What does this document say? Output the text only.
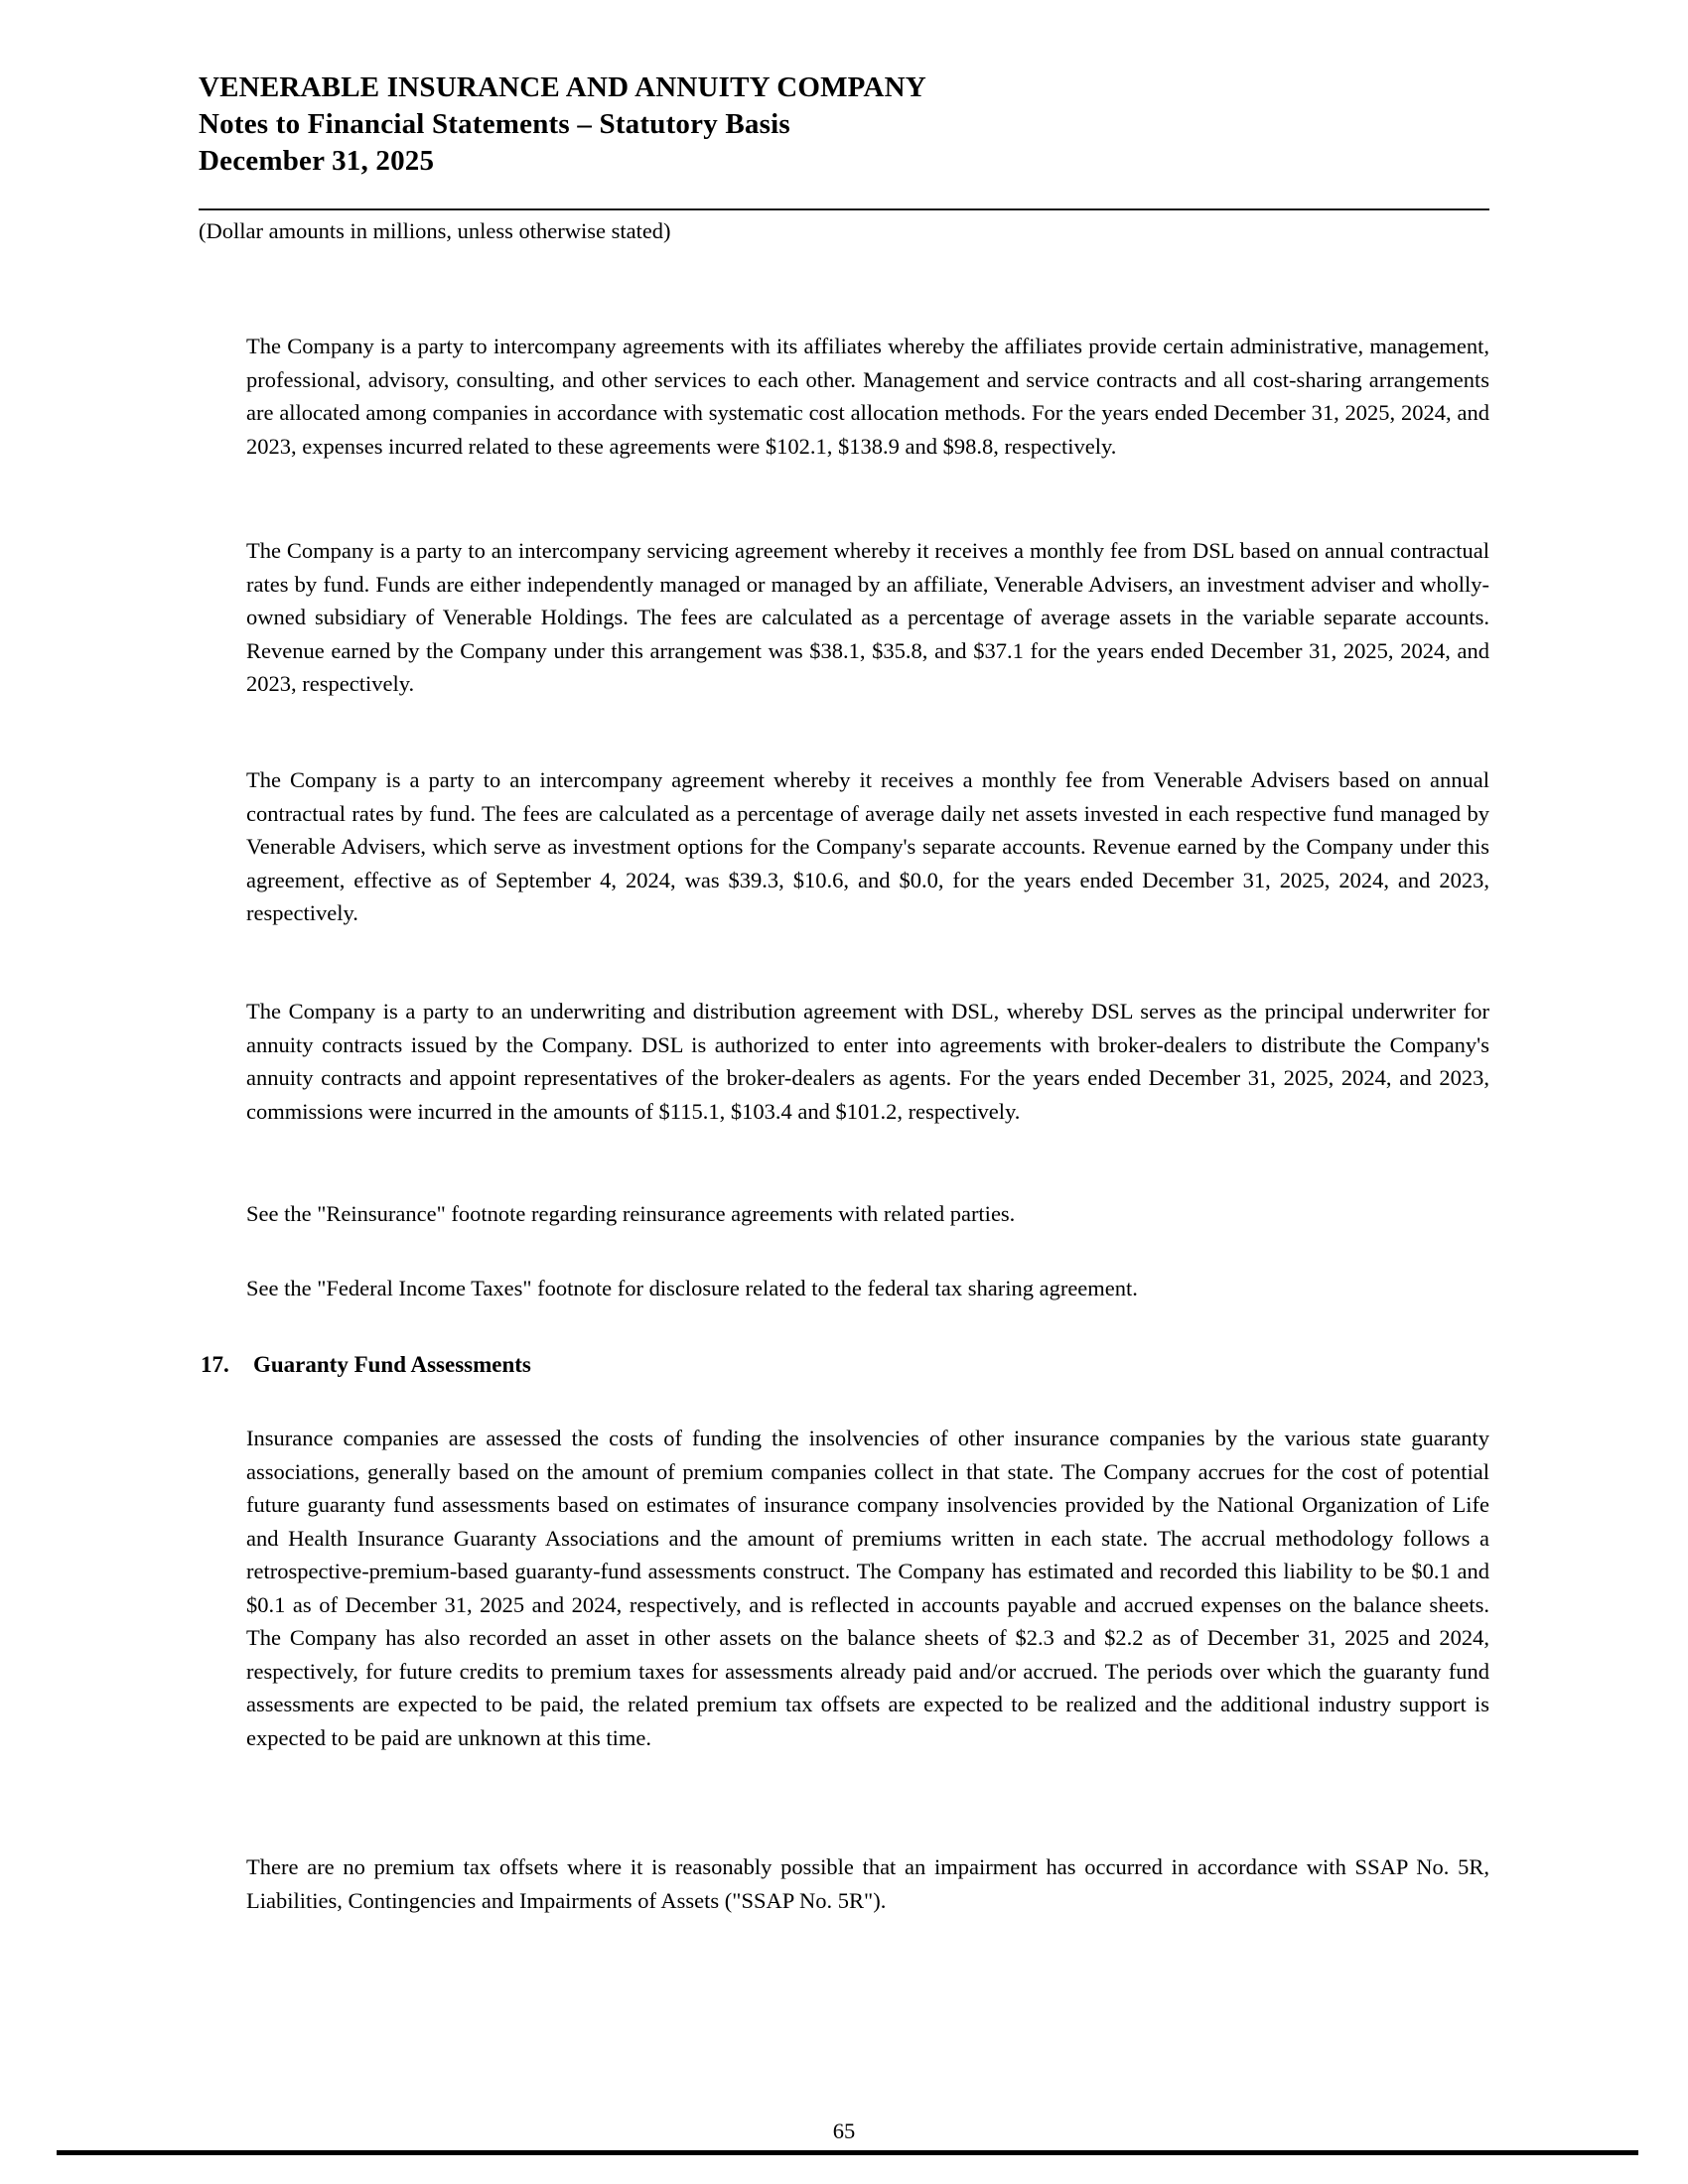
VENERABLE INSURANCE AND ANNUITY COMPANY
Notes to Financial Statements – Statutory Basis
December 31, 2025
(Dollar amounts in millions, unless otherwise stated)

The Company is a party to intercompany agreements with its affiliates whereby the affiliates provide certain administrative, management, professional, advisory, consulting, and other services to each other. Management and service contracts and all cost-sharing arrangements are allocated among companies in accordance with systematic cost allocation methods. For the years ended December 31, 2025, 2024, and 2023, expenses incurred related to these agreements were $102.1, $138.9 and $98.8, respectively.

The Company is a party to an intercompany servicing agreement whereby it receives a monthly fee from DSL based on annual contractual rates by fund. Funds are either independently managed or managed by an affiliate, Venerable Advisers, an investment adviser and wholly-owned subsidiary of Venerable Holdings. The fees are calculated as a percentage of average assets in the variable separate accounts. Revenue earned by the Company under this arrangement was $38.1, $35.8, and $37.1 for the years ended December 31, 2025, 2024, and 2023, respectively.

The Company is a party to an intercompany agreement whereby it receives a monthly fee from Venerable Advisers based on annual contractual rates by fund. The fees are calculated as a percentage of average daily net assets invested in each respective fund managed by Venerable Advisers, which serve as investment options for the Company's separate accounts. Revenue earned by the Company under this agreement, effective as of September 4, 2024, was $39.3, $10.6, and $0.0, for the years ended December 31, 2025, 2024, and 2023, respectively.

The Company is a party to an underwriting and distribution agreement with DSL, whereby DSL serves as the principal underwriter for annuity contracts issued by the Company. DSL is authorized to enter into agreements with broker-dealers to distribute the Company's annuity contracts and appoint representatives of the broker-dealers as agents. For the years ended December 31, 2025, 2024, and 2023, commissions were incurred in the amounts of $115.1, $103.4 and $101.2, respectively.

See the "Reinsurance" footnote regarding reinsurance agreements with related parties.

See the "Federal Income Taxes" footnote for disclosure related to the federal tax sharing agreement.

17. Guaranty Fund Assessments

Insurance companies are assessed the costs of funding the insolvencies of other insurance companies by the various state guaranty associations, generally based on the amount of premium companies collect in that state. The Company accrues for the cost of potential future guaranty fund assessments based on estimates of insurance company insolvencies provided by the National Organization of Life and Health Insurance Guaranty Associations and the amount of premiums written in each state. The accrual methodology follows a retrospective-premium-based guaranty-fund assessments construct. The Company has estimated and recorded this liability to be $0.1 and $0.1 as of December 31, 2025 and 2024, respectively, and is reflected in accounts payable and accrued expenses on the balance sheets. The Company has also recorded an asset in other assets on the balance sheets of $2.3 and $2.2 as of December 31, 2025 and 2024, respectively, for future credits to premium taxes for assessments already paid and/or accrued. The periods over which the guaranty fund assessments are expected to be paid, the related premium tax offsets are expected to be realized and the additional industry support is expected to be paid are unknown at this time.

There are no premium tax offsets where it is reasonably possible that an impairment has occurred in accordance with SSAP No. 5R, Liabilities, Contingencies and Impairments of Assets ("SSAP No. 5R").

65
